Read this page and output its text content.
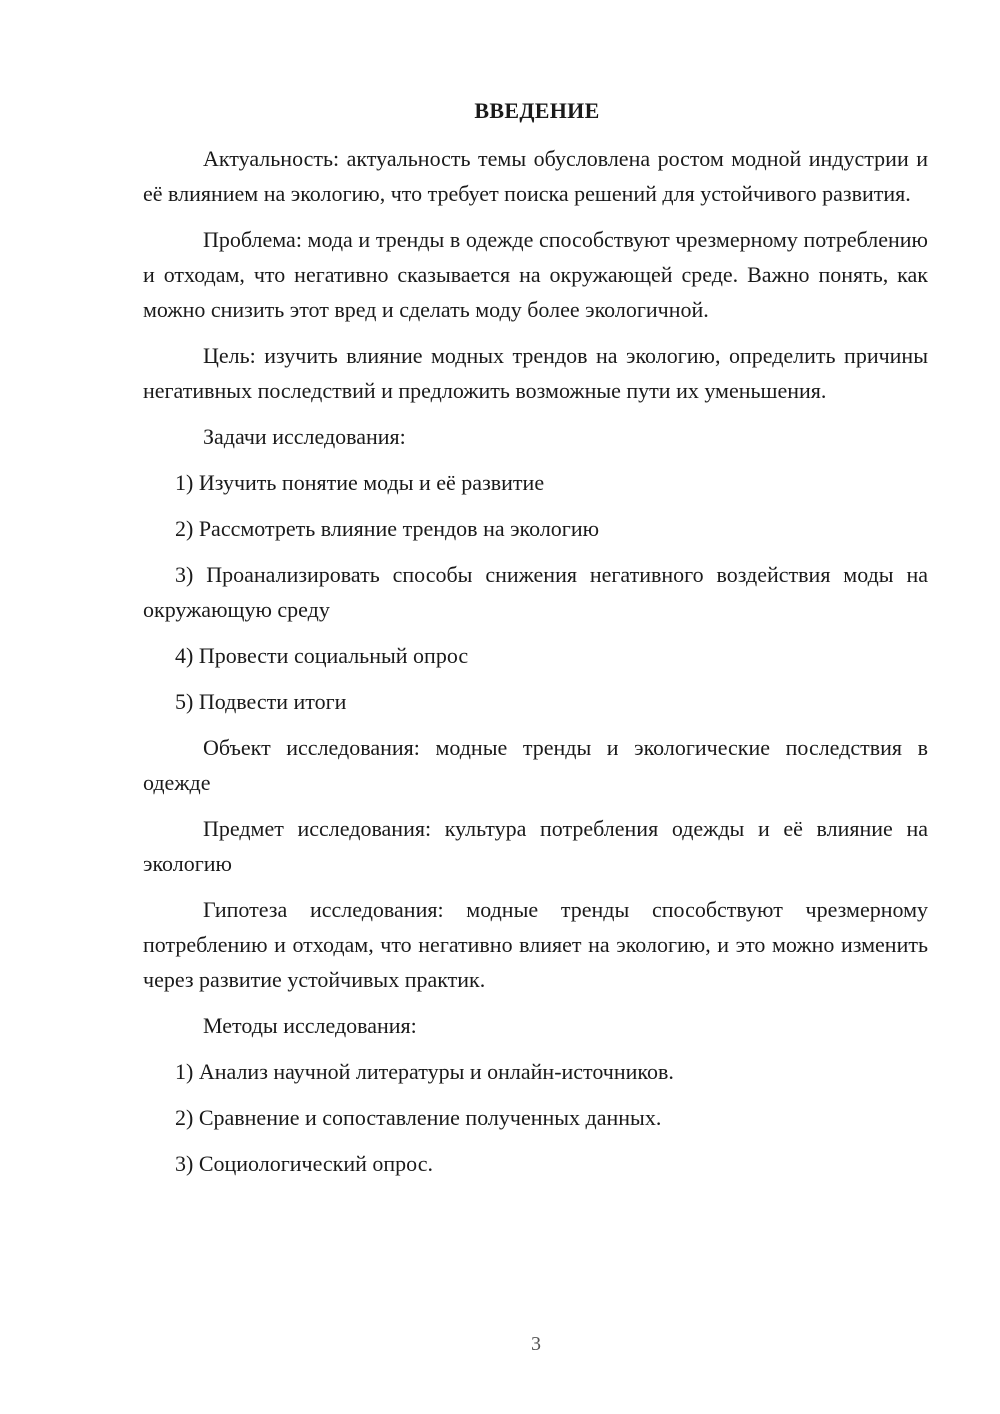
ВВЕДЕНИЕ

Актуальность: актуальность темы обусловлена ростом модной индустрии и её влиянием на экологию, что требует поиска решений для устойчивого развития.

Проблема: мода и тренды в одежде способствуют чрезмерному потреблению и отходам, что негативно сказывается на окружающей среде. Важно понять, как можно снизить этот вред и сделать моду более экологичной.

Цель: изучить влияние модных трендов на экологию, определить причины негативных последствий и предложить возможные пути их уменьшения.

Задачи исследования:

1) Изучить понятие моды и её развитие

2) Рассмотреть влияние трендов на экологию

3) Проанализировать способы снижения негативного воздействия моды на окружающую среду

4) Провести социальный опрос

5) Подвести итоги

Объект исследования: модные тренды и экологические последствия в одежде

Предмет исследования: культура потребления одежды и её влияние на экологию

Гипотеза исследования: модные тренды способствуют чрезмерному потреблению и отходам, что негативно влияет на экологию, и это можно изменить через развитие устойчивых практик.

Методы исследования:

1) Анализ научной литературы и онлайн-источников.

2) Сравнение и сопоставление полученных данных.

3) Социологический опрос.

3
